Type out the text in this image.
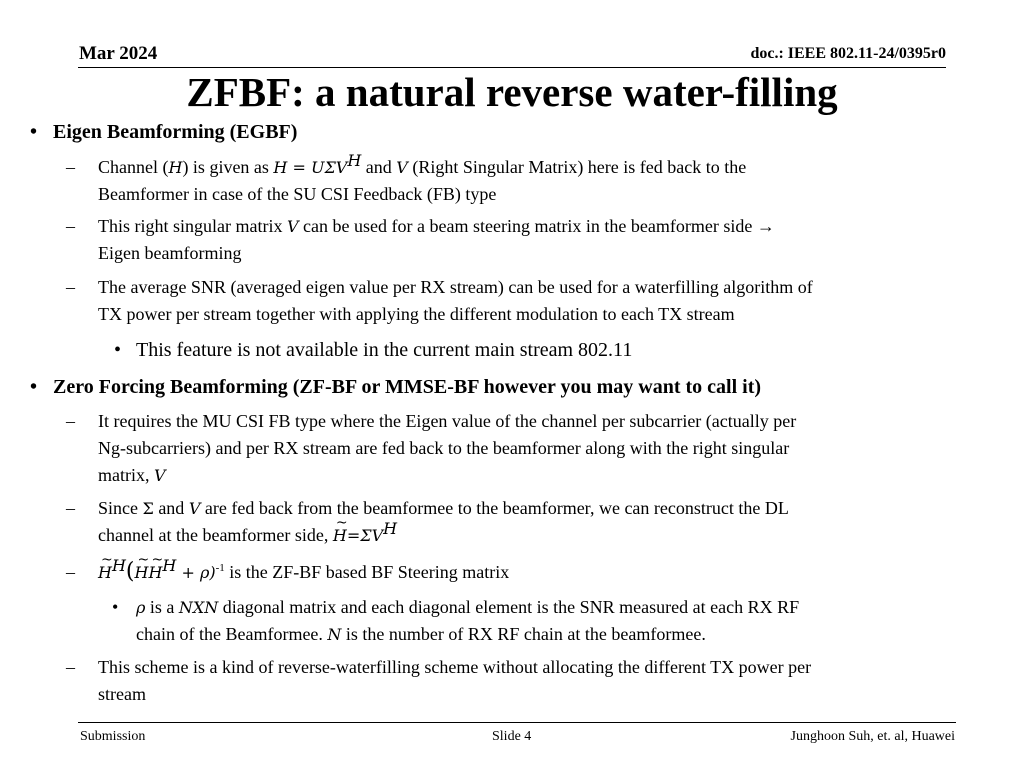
Mar 2024	doc.: IEEE 802.11-24/0395r0
ZFBF: a natural reverse water-filling
• Eigen Beamforming (EGBF)
– Channel (H) is given as $H = U\Sigma V^H$ and V (Right Singular Matrix) here is fed back to the
Beamformer in case of the SU CSI Feedback (FB) type
– This right singular matrix V can be used for a beam steering matrix in the beamformer side →
Eigen beamforming
– The average SNR (averaged eigen value per RX stream) can be used for a waterfilling algorithm of
TX power per stream together with applying the different modulation to each TX stream
• This feature is not available in the current main stream 802.11
• Zero Forcing Beamforming (ZF-BF or MMSE-BF however you may want to call it)
– It requires the MU CSI FB type where the Eigen value of the channel per subcarrier (actually per
Ng-subcarriers) and per RX stream are fed back to the beamformer along with the right singular
matrix, V
– Since Σ and V are fed back from the beamformee to the beamformer, we can reconstruct the DL
channel at the beamformer side, ~ $H=\Sigma V^H$
–
~ $H^H(\sim$ H~ $H^H + \rho)^{-1}$ is the ZF-BF based BF Steering matrix
• ρ is a NXN diagonal matrix and each diagonal element is the SNR measured at each RX RF
chain of the Beamformee. N is the number of RX RF chain at the beamformee.
– This scheme is a kind of reverse-waterfilling scheme without allocating the different TX power per
stream
Submission	Slide 4	Junghoon Suh, et. al, Huawei
